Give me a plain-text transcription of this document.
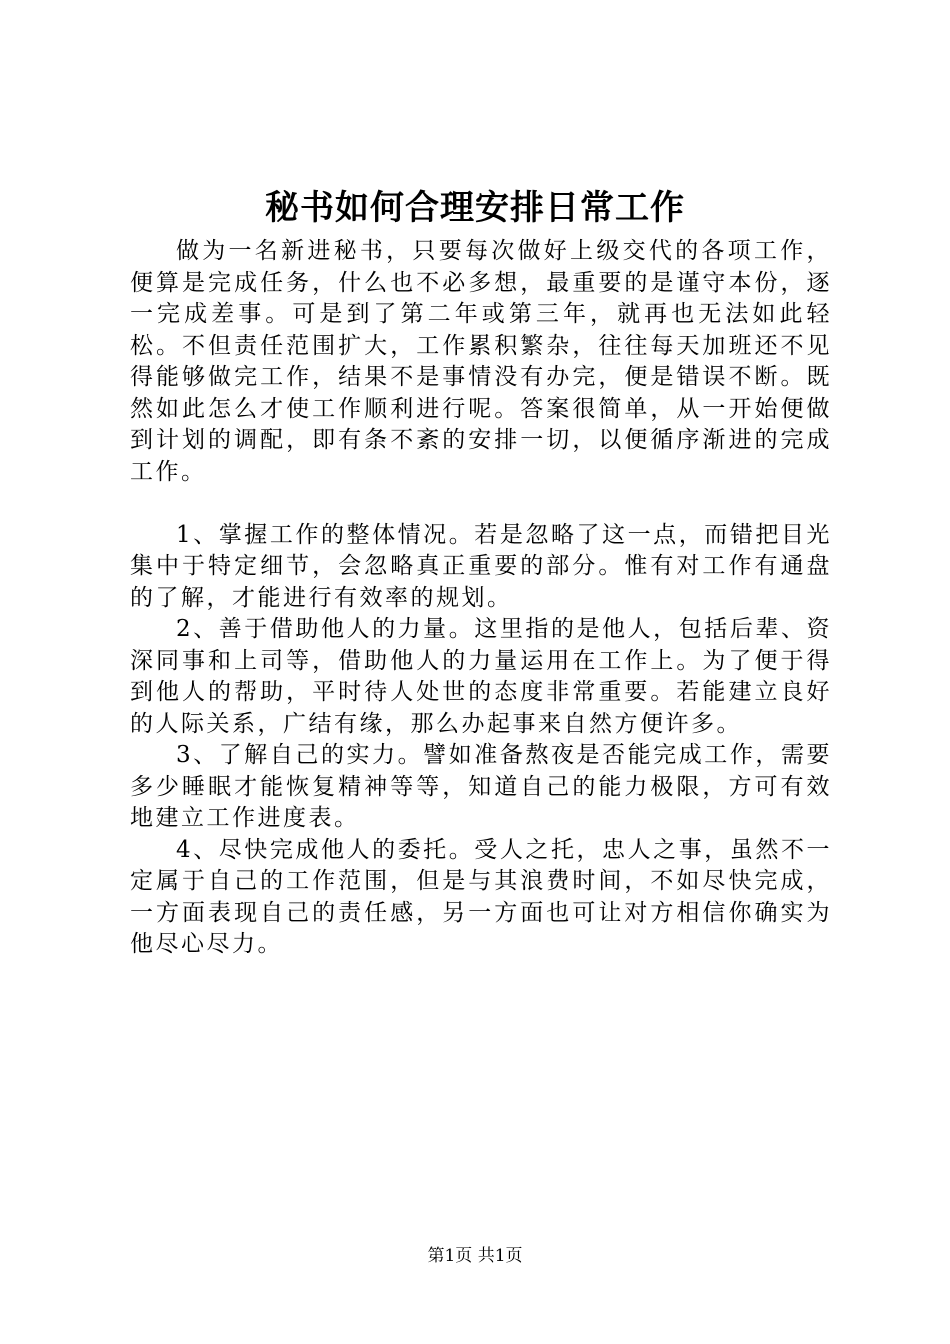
秘书如何合理安排日常工作

做为一名新进秘书，只要每次做好上级交代的各项工作，便算是完成任务，什么也不必多想，最重要的是谨守本份，逐一完成差事。可是到了第二年或第三年，就再也无法如此轻松。不但责任范围扩大，工作累积繁杂，往往每天加班还不见得能够做完工作，结果不是事情没有办完，便是错误不断。既然如此怎么才使工作顺利进行呢。答案很简单，从一开始便做到计划的调配，即有条不紊的安排一切，以便循序渐进的完成工作。

1、掌握工作的整体情况。若是忽略了这一点，而错把目光集中于特定细节，会忽略真正重要的部分。惟有对工作有通盘的了解，才能进行有效率的规划。

2、善于借助他人的力量。这里指的是他人，包括后辈、资深同事和上司等，借助他人的力量运用在工作上。为了便于得到他人的帮助，平时待人处世的态度非常重要。若能建立良好的人际关系，广结有缘，那么办起事来自然方便许多。

3、了解自己的实力。譬如准备熬夜是否能完成工作，需要多少睡眠才能恢复精神等等，知道自己的能力极限，方可有效地建立工作进度表。

4、尽快完成他人的委托。受人之托，忠人之事，虽然不一定属于自己的工作范围，但是与其浪费时间，不如尽快完成，一方面表现自己的责任感，另一方面也可让对方相信你确实为他尽心尽力。

第1页 共1页
